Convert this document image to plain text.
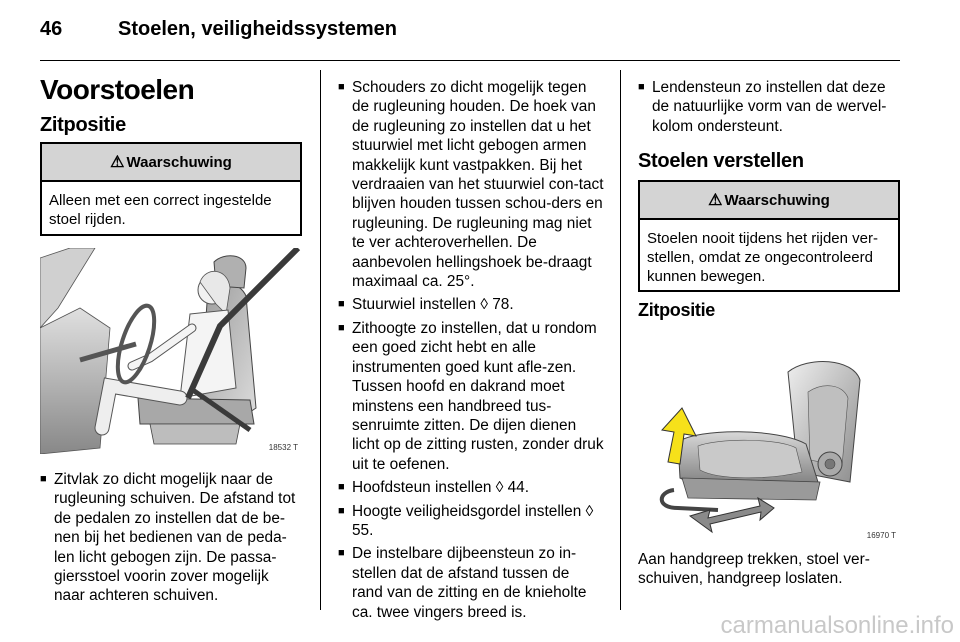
46	Stoelen, veiligheidssystemen
Voorstoelen
Zitpositie
⚠ Waarschuwing
Alleen met een correct ingestelde stoel rijden.
18532 T
■ Zitvlak zo dicht mogelijk naar de rugleuning schuiven. De afstand tot de pedalen zo instellen dat de be-nen bij het bedienen van de peda-len licht gebogen zijn. De passa-giersstoel voorin zover mogelijk naar achteren schuiven.
■ Schouders zo dicht mogelijk tegen de rugleuning houden. De hoek van de rugleuning zo instellen dat u het stuurwiel met licht gebogen armen makkelijk kunt vastpakken. Bij het verdraaien van het stuurwiel con-tact blijven houden tussen schou-ders en rugleuning. De rugleuning mag niet te ver achteroverhellen. De aanbevolen hellingshoek be-draagt maximaal ca. 25°.
■ Stuurwiel instellen ◊ 78.
■ Zithoogte zo instellen, dat u rondom een goed zicht hebt en alle instrumenten goed kunt afle-zen. Tussen hoofd en dakrand moet minstens een handbreed tus-senruimte zitten. De dijen dienen licht op de zitting rusten, zonder druk uit te oefenen.
■ Hoofdsteun instellen ◊ 44.
■ Hoogte veiligheidsgordel instellen ◊ 55.
■ De instelbare dijbeensteun zo in-stellen dat de afstand tussen de rand van de zitting en de knieholte ca. twee vingers breed is.
■ Lendensteun zo instellen dat deze de natuurlijke vorm van de wervel-kolom ondersteunt.
Stoelen verstellen
⚠ Waarschuwing
Stoelen nooit tijdens het rijden ver-stellen, omdat ze ongecontroleerd kunnen bewegen.
Zitpositie
16970 T
Aan handgreep trekken, stoel ver-schuiven, handgreep loslaten.
carmanualsonline.info
